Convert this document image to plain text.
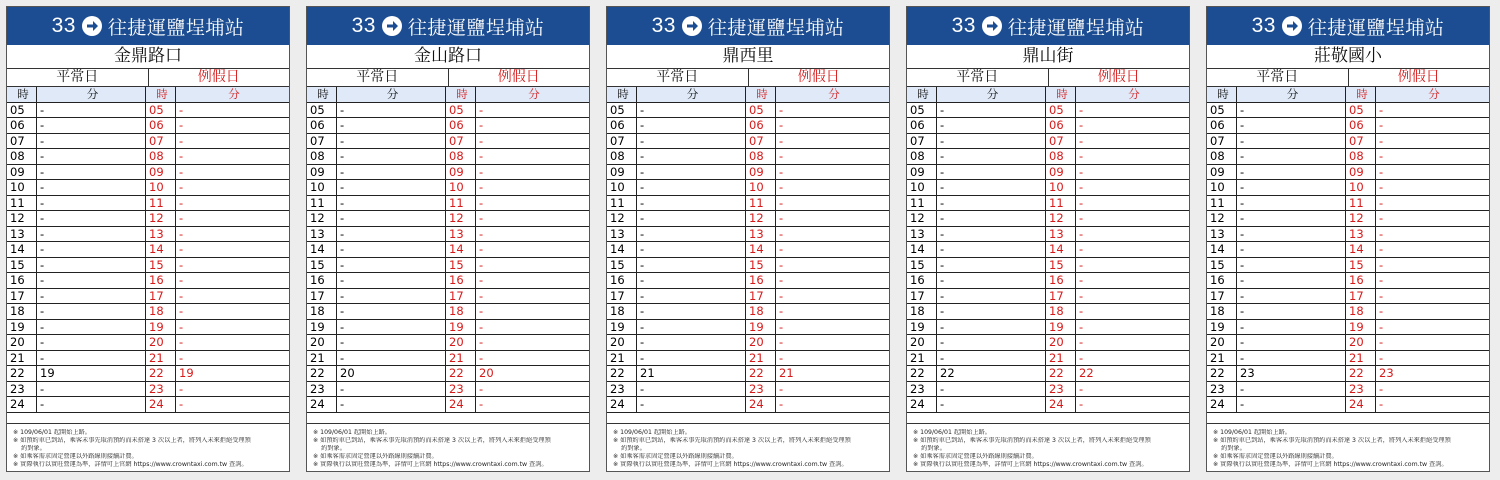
33 往捷運鹽埕埔站
金鼎路口
平常日	例假日
時	分	時	分
05	-	05	-
06	-	06	-
07	-	07	-
08	-	08	-
09	-	09	-
10	-	10	-
11	-	11	-
12	-	12	-
13	-	13	-
14	-	14	-
15	-	15	-
16	-	16	-
17	-	17	-
18	-	18	-
19	-	19	-
20	-	20	-
21	-	21	-
22	19	22	19
23	-	23	-
24	-	24	-
※ 109/06/01 起開始上路。
※ 如預約車已到站，乘客未事先取消預約而未搭達 3 次以上者，將列入未來拒絕受理預
　 約對象。
※ 如乘客需求固定營運以外路線則接續計費。
※ 實際執行以實旺營運為準，詳情可上官網 https://www.crowntaxi.com.tw 查詢。
33 往捷運鹽埕埔站
金山路口
平常日	例假日
時	分	時	分
05	-	05	-
06	-	06	-
07	-	07	-
08	-	08	-
09	-	09	-
10	-	10	-
11	-	11	-
12	-	12	-
13	-	13	-
14	-	14	-
15	-	15	-
16	-	16	-
17	-	17	-
18	-	18	-
19	-	19	-
20	-	20	-
21	-	21	-
22	20	22	20
23	-	23	-
24	-	24	-
※ 109/06/01 起開始上路。
※ 如預約車已到站，乘客未事先取消預約而未搭達 3 次以上者，將列入未來拒絕受理預
　 約對象。
※ 如乘客需求固定營運以外路線則接續計費。
※ 實際執行以實旺營運為準，詳情可上官網 https://www.crowntaxi.com.tw 查詢。
33 往捷運鹽埕埔站
鼎西里
平常日	例假日
時	分	時	分
05	-	05	-
06	-	06	-
07	-	07	-
08	-	08	-
09	-	09	-
10	-	10	-
11	-	11	-
12	-	12	-
13	-	13	-
14	-	14	-
15	-	15	-
16	-	16	-
17	-	17	-
18	-	18	-
19	-	19	-
20	-	20	-
21	-	21	-
22	21	22	21
23	-	23	-
24	-	24	-
※ 109/06/01 起開始上路。
※ 如預約車已到站，乘客未事先取消預約而未搭達 3 次以上者，將列入未來拒絕受理預
　 約對象。
※ 如乘客需求固定營運以外路線則接續計費。
※ 實際執行以實旺營運為準，詳情可上官網 https://www.crowntaxi.com.tw 查詢。
33 往捷運鹽埕埔站
鼎山街
平常日	例假日
時	分	時	分
05	-	05	-
06	-	06	-
07	-	07	-
08	-	08	-
09	-	09	-
10	-	10	-
11	-	11	-
12	-	12	-
13	-	13	-
14	-	14	-
15	-	15	-
16	-	16	-
17	-	17	-
18	-	18	-
19	-	19	-
20	-	20	-
21	-	21	-
22	22	22	22
23	-	23	-
24	-	24	-
※ 109/06/01 起開始上路。
※ 如預約車已到站，乘客未事先取消預約而未搭達 3 次以上者，將列入未來拒絕受理預
　 約對象。
※ 如乘客需求固定營運以外路線則接續計費。
※ 實際執行以實旺營運為準，詳情可上官網 https://www.crowntaxi.com.tw 查詢。
33 往捷運鹽埕埔站
莊敬國小
平常日	例假日
時	分	時	分
05	-	05	-
06	-	06	-
07	-	07	-
08	-	08	-
09	-	09	-
10	-	10	-
11	-	11	-
12	-	12	-
13	-	13	-
14	-	14	-
15	-	15	-
16	-	16	-
17	-	17	-
18	-	18	-
19	-	19	-
20	-	20	-
21	-	21	-
22	23	22	23
23	-	23	-
24	-	24	-
※ 109/06/01 起開始上路。
※ 如預約車已到站，乘客未事先取消預約而未搭達 3 次以上者，將列入未來拒絕受理預
　 約對象。
※ 如乘客需求固定營運以外路線則接續計費。
※ 實際執行以實旺營運為準，詳情可上官網 https://www.crowntaxi.com.tw 查詢。
